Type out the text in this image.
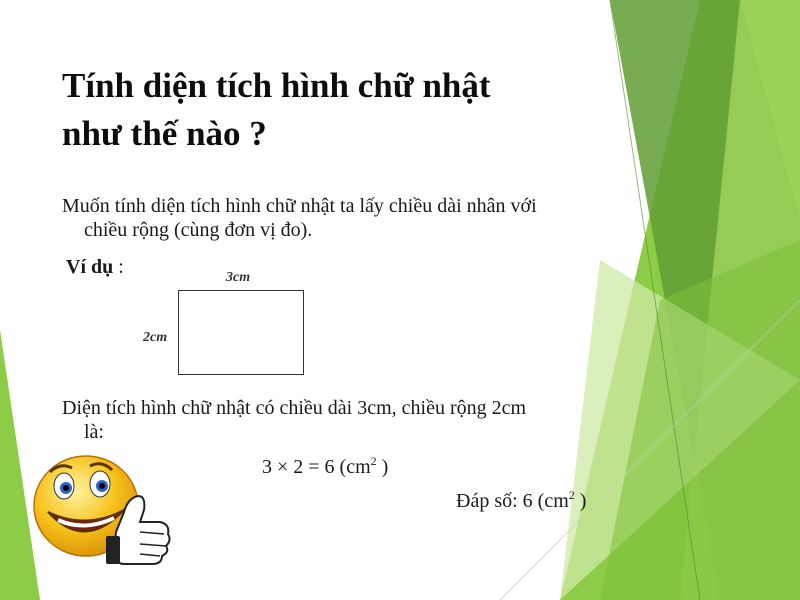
Tính diện tích hình chữ nhật
như thế nào ?
Muốn tính diện tích hình chữ nhật ta lấy chiều dài nhân với
chiều rộng (cùng đơn vị đo).
Ví dụ :	3cm
2cm
Diện tích hình chữ nhật có chiều dài 3cm, chiều rộng 2cm
là:
3 × 2 = 6 ($cm^2$ )
Đáp số: 6 ($cm^2$ )
